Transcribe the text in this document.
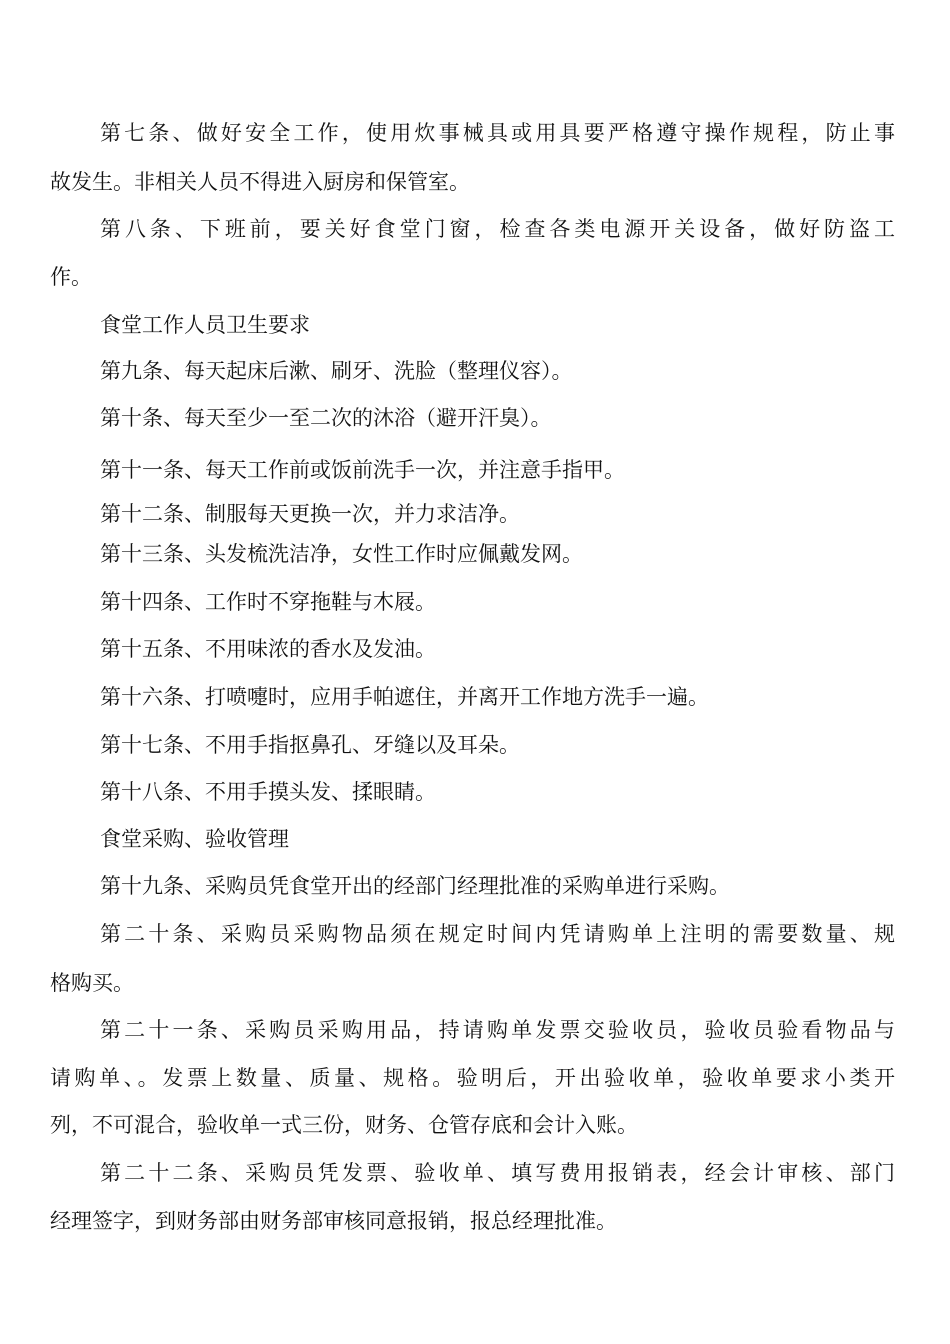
第七条、做好安全工作，使用炊事械具或用具要严格遵守操作规程，防止事
故发生。非相关人员不得进入厨房和保管室。
第八条、下班前，要关好食堂门窗，检查各类电源开关设备，做好防盗工
作。
食堂工作人员卫生要求
第九条、每天起床后漱、刷牙、洗脸（整理仪容）。
第十条、每天至少一至二次的沐浴（避开汗臭）。
第十一条、每天工作前或饭前洗手一次，并注意手指甲。
第十二条、制服每天更换一次，并力求洁净。
第十三条、头发梳洗洁净，女性工作时应佩戴发网。
第十四条、工作时不穿拖鞋与木屐。
第十五条、不用味浓的香水及发油。
第十六条、打喷嚏时，应用手帕遮住，并离开工作地方洗手一遍。
第十七条、不用手指抠鼻孔、牙缝以及耳朵。
第十八条、不用手摸头发、揉眼睛。
食堂采购、验收管理
第十九条、采购员凭食堂开出的经部门经理批准的采购单进行采购。
第二十条、采购员采购物品须在规定时间内凭请购单上注明的需要数量、规
格购买。
第二十一条、采购员采购用品，持请购单发票交验收员，验收员验看物品与
请购单、。发票上数量、质量、规格。验明后，开出验收单，验收单要求小类开
列，不可混合，验收单一式三份，财务、仓管存底和会计入账。
第二十二条、采购员凭发票、验收单、填写费用报销表，经会计审核、部门
经理签字，到财务部由财务部审核同意报销，报总经理批准。
